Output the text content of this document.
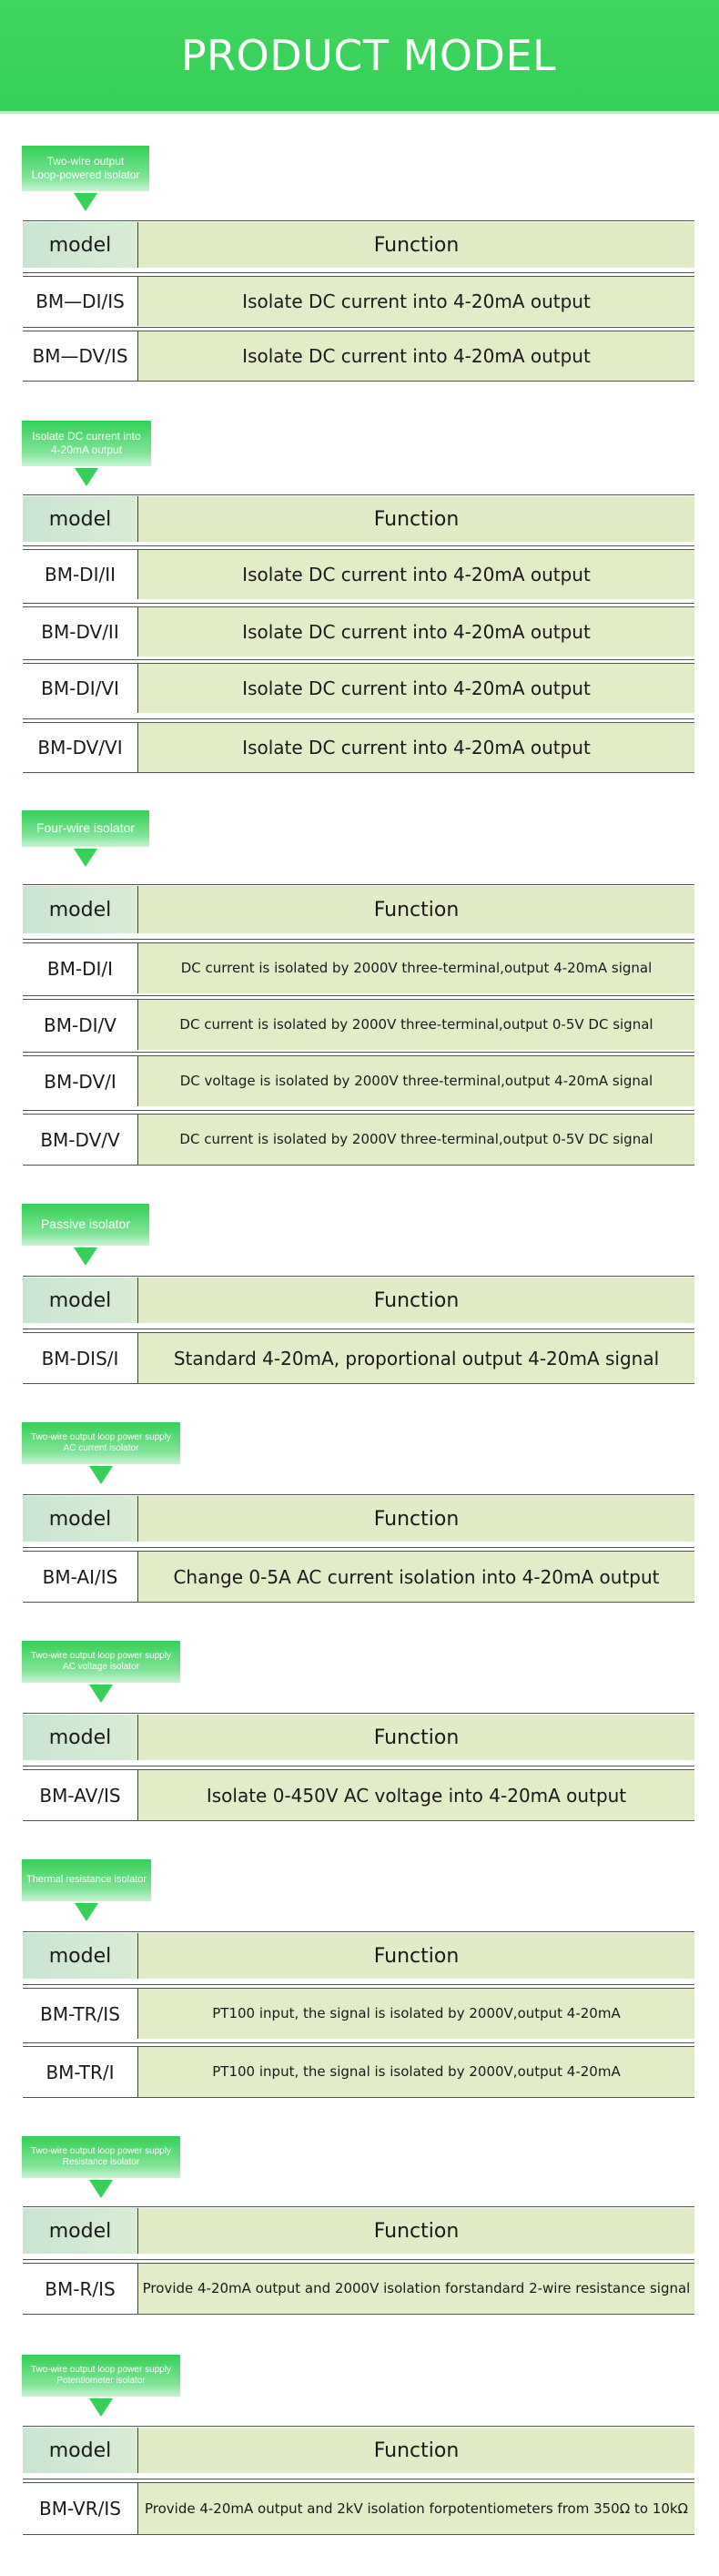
PRODUCT MODEL
Two-wire output
Loop-powered isolator
model	Function
BM—DI/IS	Isolate DC current into 4-20mA output
BM—DV/IS	Isolate DC current into 4-20mA output
Isolate DC current into
4-20mA output
model	Function
BM-DI/II	Isolate DC current into 4-20mA output
BM-DV/II	Isolate DC current into 4-20mA output
BM-DI/VI	Isolate DC current into 4-20mA output
BM-DV/VI	Isolate DC current into 4-20mA output
Four-wire isolator
model	Function
BM-DI/I	DC current is isolated by 2000V three-terminal, output 4-20mA signal
BM-DI/V	DC current is isolated by 2000V three-terminal, output 0-5V DC signal
BM-DV/I	DC voltage is isolated by 2000V three-terminal, output 4-20mA signal
BM-DV/V	DC current is isolated by 2000V three-terminal, output 0-5V DC signal
Passive isolator
model	Function
BM-DIS/I	Standard 4-20mA, proportional output 4-20mA signal
Two-wire output loop power supply
AC current isolator
model	Function
BM-AI/IS	Change 0-5A AC current isolation into 4-20mA output
Two-wire output loop power supply
AC voltage isolator
model	Function
BM-AV/IS	Isolate 0-450V AC voltage into 4-20mA output
Thermal resistance isolator
model	Function
BM-TR/IS	PT100 input, the signal is isolated by 2000V, output 4-20mA
BM-TR/I	PT100 input, the signal is isolated by 2000V, output 4-20mA
Two-wire output loop power supply
Resistance isolator
model	Function
BM-R/IS	Provide 4-20mA output and 2000V isolation for standard 2-wire resistance signal
Two-wire output loop power supply
Potentiometer isolator
model	Function
BM-VR/IS	Provide 4-20mA output and 2kV isolation for potentiometers from 350Ω to 10kΩ
